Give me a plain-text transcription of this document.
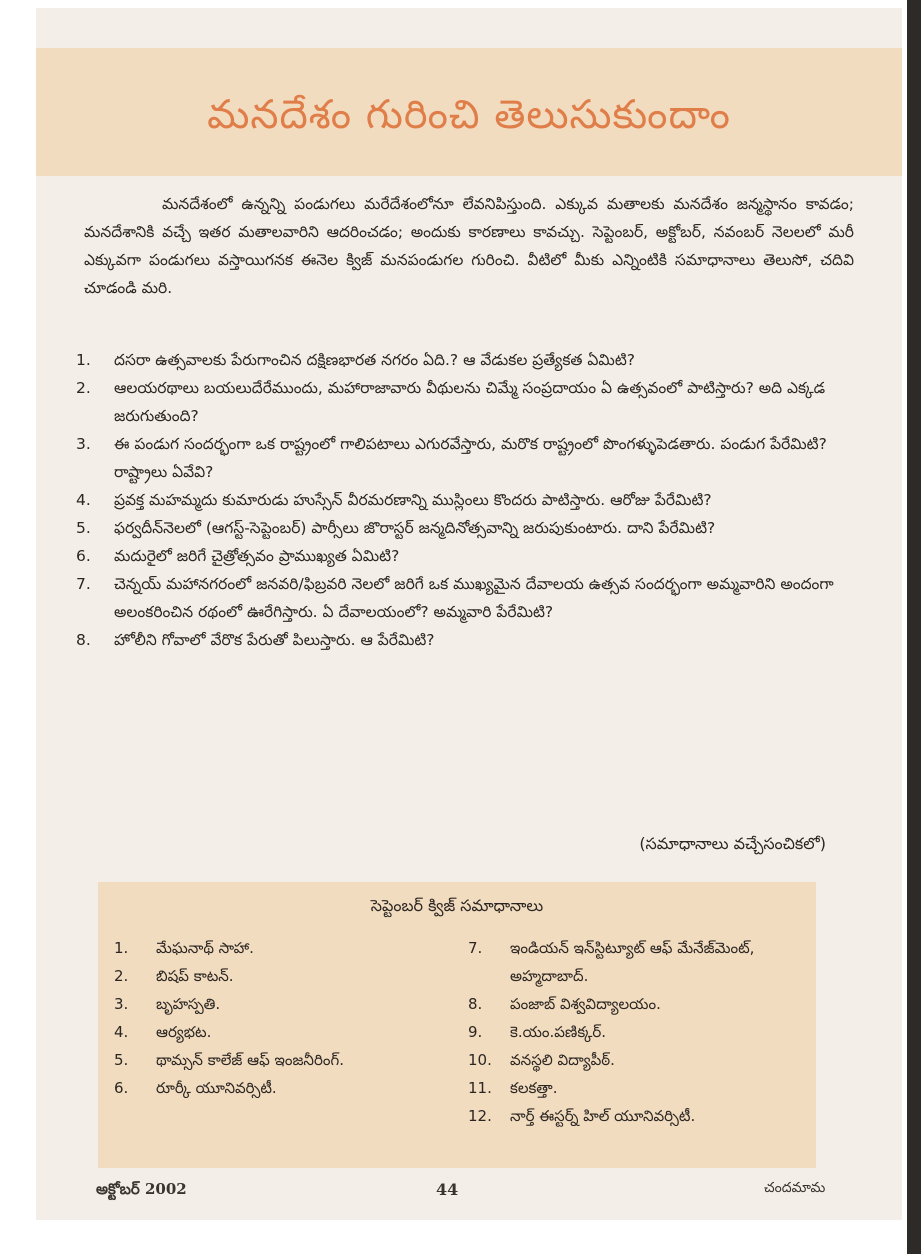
మనదేశం గురించి తెలుసుకుందాం

మనదేశంలో ఉన్నన్ని పండుగలు మరేదేశంలోనూ లేవనిపిస్తుంది. ఎక్కువ మతాలకు మనదేశం జన్మస్థానం కావడం; మనదేశానికి వచ్చే ఇతర మతాలవారిని ఆదరించడం; అందుకు కారణాలు కావచ్చు. సెప్టెంబర్, అక్టోబర్, నవంబర్ నెలలలో మరీ ఎక్కువగా పండుగలు వస్తాయిగనక ఈనెల క్విజ్ మనపండుగల గురించి. వీటిలో మీకు ఎన్నింటికి సమాధానాలు తెలుసో, చదివి చూడండి మరి.

1.	దసరా ఉత్సవాలకు పేరుగాంచిన దక్షిణభారత నగరం ఏది.? ఆ వేడుకల ప్రత్యేకత ఏమిటి?
2.	ఆలయరథాలు బయలుదేరేముందు, మహారాజావారు వీథులను చిమ్మే సంప్రదాయం ఏ ఉత్సవంలో పాటిస్తారు? అది ఎక్కడ జరుగుతుంది?
3.	ఈ పండుగ సందర్భంగా ఒక రాష్ట్రంలో గాలిపటాలు ఎగురవేస్తారు, మరొక రాష్ట్రంలో పొంగళ్ళుపెడతారు. పండుగ పేరేమిటి? రాష్ట్రాలు ఏవేవి?
4.	ప్రవక్త మహమ్మదు కుమారుడు హుస్సేన్ వీరమరణాన్ని ముస్లింలు కొందరు పాటిస్తారు. ఆరోజు పేరేమిటి?
5.	ఫర్వదీన్‌నెలలో (ఆగస్ట్-సెప్టెంబర్) పార్సీలు జొరాస్టర్ జన్మదినోత్సవాన్ని జరుపుకుంటారు. దాని పేరేమిటి?
6.	మదురైలో జరిగే చైత్రోత్సవం ప్రాముఖ్యత ఏమిటి?
7.	చెన్నయ్ మహానగరంలో జనవరి/ఫిబ్రవరి నెలలో జరిగే ఒక ముఖ్యమైన దేవాలయ ఉత్సవ సందర్భంగా అమ్మవారిని అందంగా అలంకరించిన రథంలో ఊరేగిస్తారు. ఏ దేవాలయంలో? అమ్మవారి పేరేమిటి?
8.	హోలీని గోవాలో వేరొక పేరుతో పిలుస్తారు. ఆ పేరేమిటి?

(సమాధానాలు వచ్చేసంచికలో)

సెప్టెంబర్ క్విజ్ సమాధానాలు

1.	మేఘనాథ్ సాహా.
2.	బిషప్ కాటన్.
3.	బృహస్పతి.
4.	ఆర్యభట.
5.	థామ్సన్ కాలేజ్ ఆఫ్ ఇంజనీరింగ్.
6.	రూర్కీ యూనివర్సిటీ.
7.	ఇండియన్ ఇన్‌స్టిట్యూట్ ఆఫ్ మేనేజ్‌మెంట్, అహ్మదాబాద్.
8.	పంజాబ్ విశ్వవిద్యాలయం.
9.	కె.యం.పణిక్కర్.
10.	వనస్థలి విద్యాపీఠ్.
11.	కలకత్తా.
12.	నార్త్ ఈస్టర్న్ హిల్ యూనివర్సిటీ.
అక్టోబర్ 2002	44	చందమామ
